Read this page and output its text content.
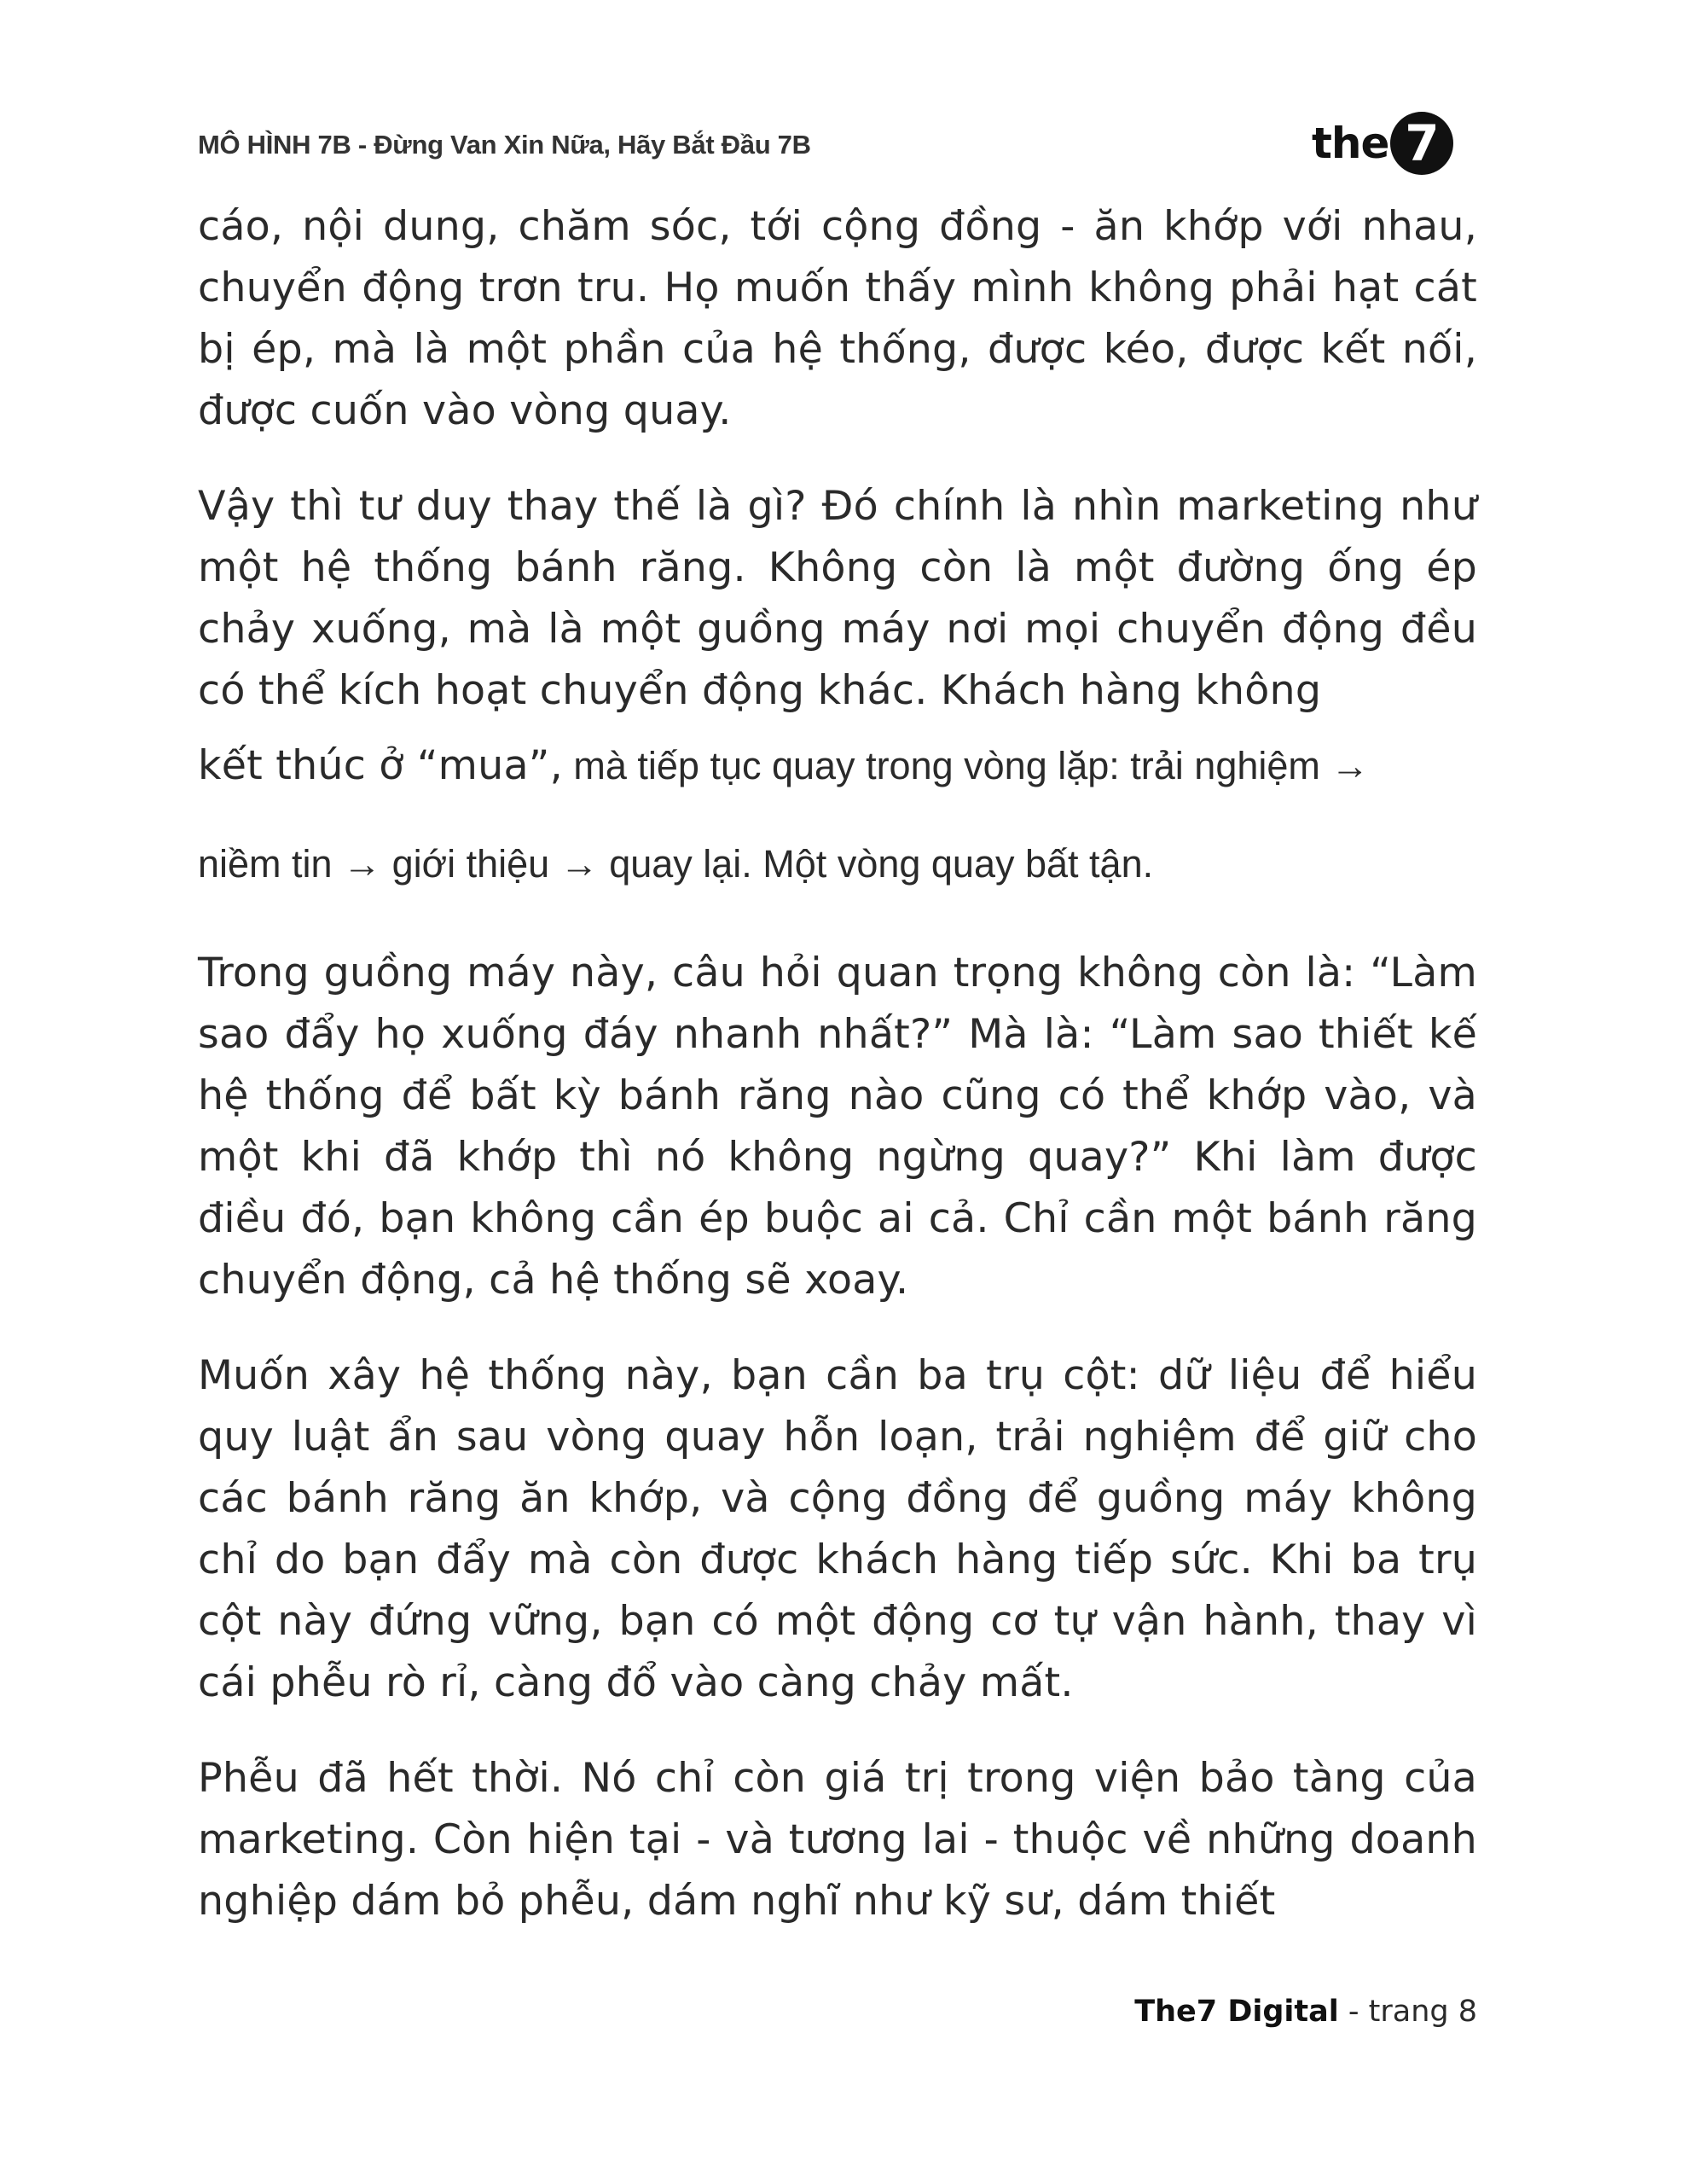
MÔ HÌNH 7B - Đừng Van Xin Nữa, Hãy Bắt Đầu 7B	the 7

cáo, nội dung, chăm sóc, tới cộng đồng - ăn khớp với nhau, chuyển động trơn tru. Họ muốn thấy mình không phải hạt cát bị ép, mà là một phần của hệ thống, được kéo, được kết nối, được cuốn vào vòng quay.

Vậy thì tư duy thay thế là gì? Đó chính là nhìn marketing như một hệ thống bánh răng. Không còn là một đường ống ép chảy xuống, mà là một guồng máy nơi mọi chuyển động đều có thể kích hoạt chuyển động khác. Khách hàng không

kết thúc ở “mua”, mà tiếp tục quay trong vòng lặp: trải nghiệm →
niềm tin → giới thiệu → quay lại. Một vòng quay bất tận.

Trong guồng máy này, câu hỏi quan trọng không còn là: “Làm sao đẩy họ xuống đáy nhanh nhất?” Mà là: “Làm sao thiết kế hệ thống để bất kỳ bánh răng nào cũng có thể khớp vào, và một khi đã khớp thì nó không ngừng quay?” Khi làm được điều đó, bạn không cần ép buộc ai cả. Chỉ cần một bánh răng chuyển động, cả hệ thống sẽ xoay.

Muốn xây hệ thống này, bạn cần ba trụ cột: dữ liệu để hiểu quy luật ẩn sau vòng quay hỗn loạn, trải nghiệm để giữ cho các bánh răng ăn khớp, và cộng đồng để guồng máy không chỉ do bạn đẩy mà còn được khách hàng tiếp sức. Khi ba trụ cột này đứng vững, bạn có một động cơ tự vận hành, thay vì cái phễu rò rỉ, càng đổ vào càng chảy mất.

Phễu đã hết thời. Nó chỉ còn giá trị trong viện bảo tàng của marketing. Còn hiện tại - và tương lai - thuộc về những doanh nghiệp dám bỏ phễu, dám nghĩ như kỹ sư, dám thiết

The7 Digital - trang 8
